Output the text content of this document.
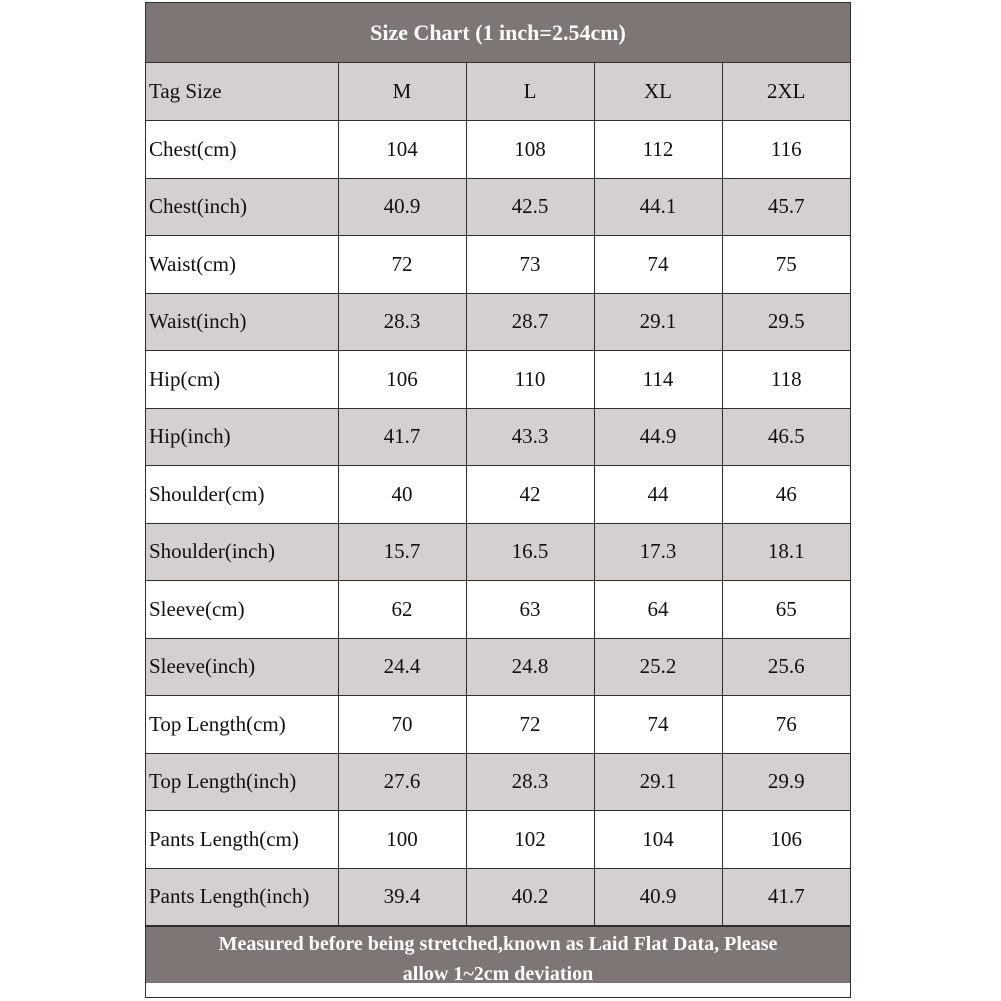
Size Chart (1 inch=2.54cm)
Tag Size	M	L	XL	2XL
Chest(cm)	104	108	112	116
Chest(inch)	40.9	42.5	44.1	45.7
Waist(cm)	72	73	74	75
Waist(inch)	28.3	28.7	29.1	29.5
Hip(cm)	106	110	114	118
Hip(inch)	41.7	43.3	44.9	46.5
Shoulder(cm)	40	42	44	46
Shoulder(inch)	15.7	16.5	17.3	18.1
Sleeve(cm)	62	63	64	65
Sleeve(inch)	24.4	24.8	25.2	25.6
Top Length(cm)	70	72	74	76
Top Length(inch)	27.6	28.3	29.1	29.9
Pants Length(cm)	100	102	104	106
Pants Length(inch)	39.4	40.2	40.9	41.7
Measured before being stretched,known as Laid Flat Data, Please
allow 1~2cm deviation
